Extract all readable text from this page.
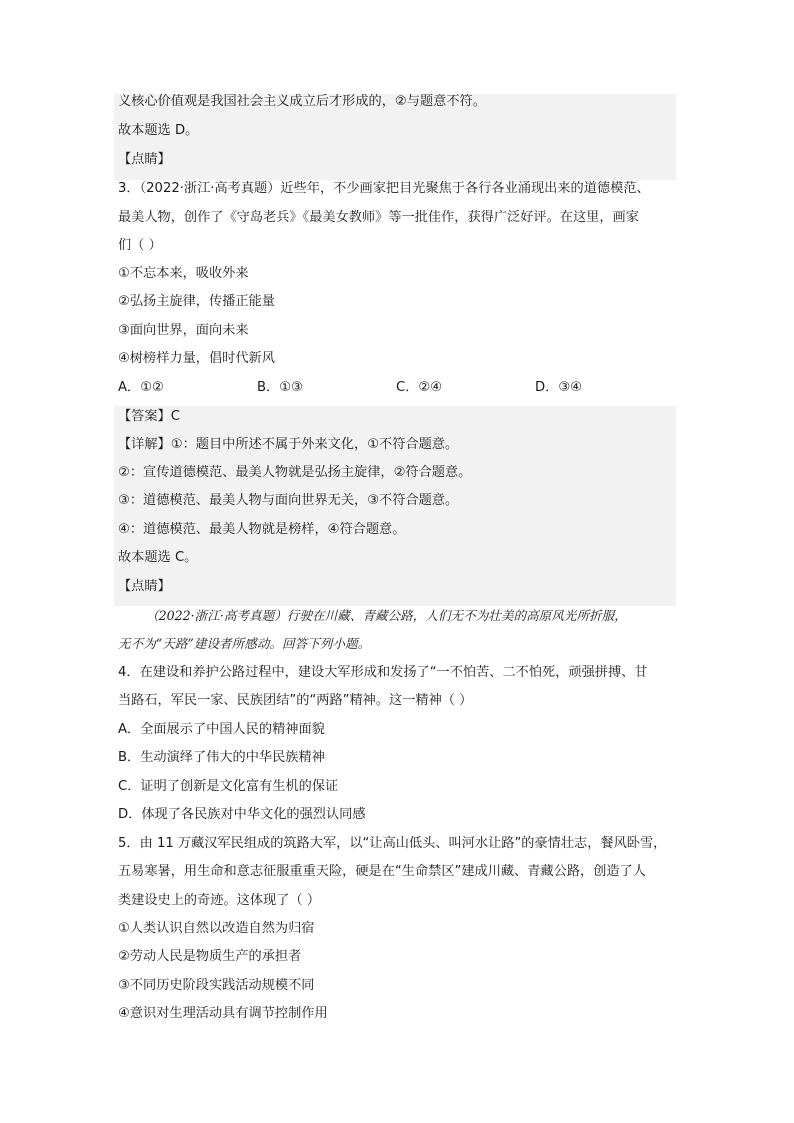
义核心价值观是我国社会主义成立后才形成的，②与题意不符。
故本题选 D。
【点睛】
3．（2022·浙江·高考真题）近些年，不少画家把目光聚焦于各行各业涌现出来的道德模范、
最美人物，创作了《守岛老兵》《最美女教师》等一批佳作，获得广泛好评。在这里，画家
们（ ）
①不忘本来，吸收外来
②弘扬主旋律，传播正能量
③面向世界，面向未来
④树榜样力量，倡时代新风
A．①②	B．①③	C．②④	D．③④
【答案】C
【详解】①：题目中所述不属于外来文化，①不符合题意。
②：宣传道德模范、最美人物就是弘扬主旋律，②符合题意。
③：道德模范、最美人物与面向世界无关，③不符合题意。
④：道德模范、最美人物就是榜样，④符合题意。
故本题选 C。
【点睛】
（2022·浙江·高考真题）行驶在川藏、青藏公路，人们无不为壮美的高原风光所折服，
无不为“天路”建设者所感动。回答下列小题。
4．在建设和养护公路过程中，建设大军形成和发扬了“一不怕苦、二不怕死，顽强拼搏、甘
当路石，军民一家、民族团结”的“两路”精神。这一精神（ ）
A．全面展示了中国人民的精神面貌
B．生动演绎了伟大的中华民族精神
C．证明了创新是文化富有生机的保证
D．体现了各民族对中华文化的强烈认同感
5．由 11 万藏汉军民组成的筑路大军，以“让高山低头、叫河水让路”的豪情壮志，餐风卧雪，
五易寒暑，用生命和意志征服重重天险，硬是在“生命禁区”建成川藏、青藏公路，创造了人
类建设史上的奇迹。这体现了（ ）
①人类认识自然以改造自然为归宿
②劳动人民是物质生产的承担者
③不同历史阶段实践活动规模不同
④意识对生理活动具有调节控制作用
